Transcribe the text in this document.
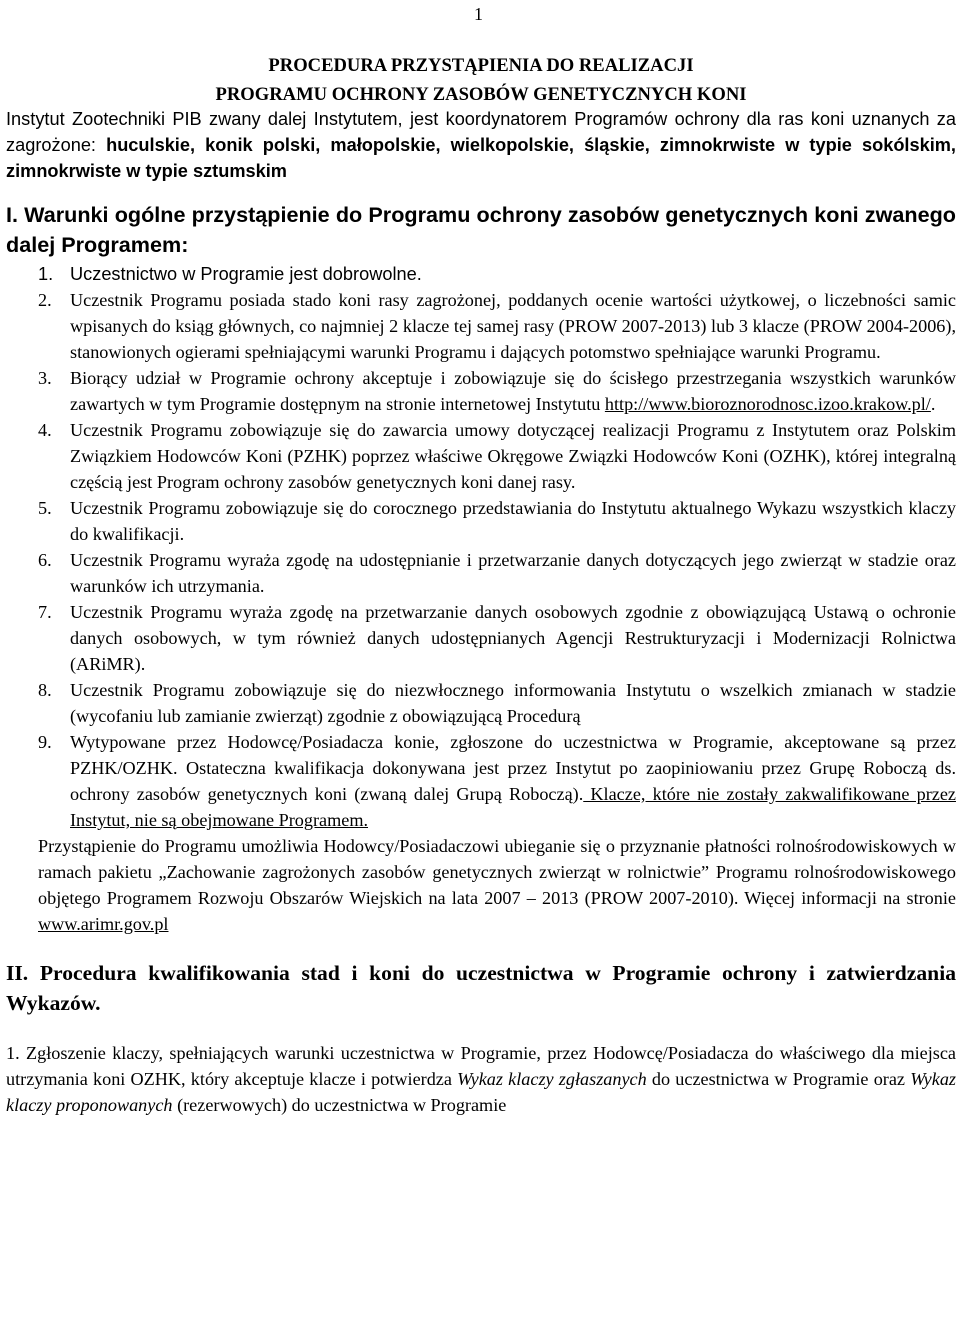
1
PROCEDURA PRZYSTĄPIENIA DO REALIZACJI
PROGRAMU OCHRONY ZASOBÓW GENETYCZNYCH KONI

Instytut Zootechniki PIB zwany dalej Instytutem, jest koordynatorem Programów ochrony dla ras koni uznanych za zagrożone: huculskie, konik polski, małopolskie, wielkopolskie, śląskie, zimnokrwiste w typie sokólskim, zimnokrwiste w typie sztumskim

I. Warunki ogólne przystąpienie do Programu ochrony zasobów genetycznych koni zwanego dalej Programem:
1. Uczestnictwo w Programie jest dobrowolne.
2. Uczestnik Programu posiada stado koni rasy zagrożonej, poddanych ocenie wartości użytkowej, o liczebności samic wpisanych do ksiąg głównych, co najmniej 2 klacze tej samej rasy (PROW 2007-2013) lub 3 klacze (PROW 2004-2006), stanowionych ogierami spełniającymi warunki Programu i dających potomstwo spełniające warunki Programu.
3. Biorący udział w Programie ochrony akceptuje i zobowiązuje się do ścisłego przestrzegania wszystkich warunków zawartych w tym Programie dostępnym na stronie internetowej Instytutu http://www.bioroznorodnosc.izoo.krakow.pl/.
4. Uczestnik Programu zobowiązuje się do zawarcia umowy dotyczącej realizacji Programu z Instytutem oraz Polskim Związkiem Hodowców Koni (PZHK) poprzez właściwe Okręgowe Związki Hodowców Koni (OZHK), której integralną częścią jest Program ochrony zasobów genetycznych koni danej rasy.
5. Uczestnik Programu zobowiązuje się do corocznego przedstawiania do Instytutu aktualnego Wykazu wszystkich klaczy do kwalifikacji.
6. Uczestnik Programu wyraża zgodę na udostępnianie i przetwarzanie danych dotyczących jego zwierząt w stadzie oraz warunków ich utrzymania.
7. Uczestnik Programu wyraża zgodę na przetwarzanie danych osobowych zgodnie z obowiązującą Ustawą o ochronie danych osobowych, w tym również danych udostępnianych Agencji Restrukturyzacji i Modernizacji Rolnictwa (ARiMR).
8. Uczestnik Programu zobowiązuje się do niezwłocznego informowania Instytutu o wszelkich zmianach w stadzie (wycofaniu lub zamianie zwierząt) zgodnie z obowiązującą Procedurą
9. Wytypowane przez Hodowcę/Posiadacza konie, zgłoszone do uczestnictwa w Programie, akceptowane są przez PZHK/OZHK. Ostateczna kwalifikacja dokonywana jest przez Instytut po zaopiniowaniu przez Grupę Roboczą ds. ochrony zasobów genetycznych koni (zwaną dalej Grupą Roboczą). Klacze, które nie zostały zakwalifikowane przez Instytut, nie są obejmowane Programem.

Przystąpienie do Programu umożliwia Hodowcy/Posiadaczowi ubieganie się o przyznanie płatności rolnośrodowiskowych w ramach pakietu „Zachowanie zagrożonych zasobów genetycznych zwierząt w rolnictwie” Programu rolnośrodowiskowego objętego Programem Rozwoju Obszarów Wiejskich na lata 2007 – 2013 (PROW 2007-2010). Więcej informacji na stronie www.arimr.gov.pl

II. Procedura kwalifikowania stad i koni do uczestnictwa w Programie ochrony i zatwierdzania Wykazów.

1. Zgłoszenie klaczy, spełniających warunki uczestnictwa w Programie, przez Hodowcę/Posiadacza do właściwego dla miejsca utrzymania koni OZHK, który akceptuje klacze i potwierdza Wykaz klaczy zgłaszanych do uczestnictwa w Programie oraz Wykaz klaczy proponowanych (rezerwowych) do uczestnictwa w Programie
